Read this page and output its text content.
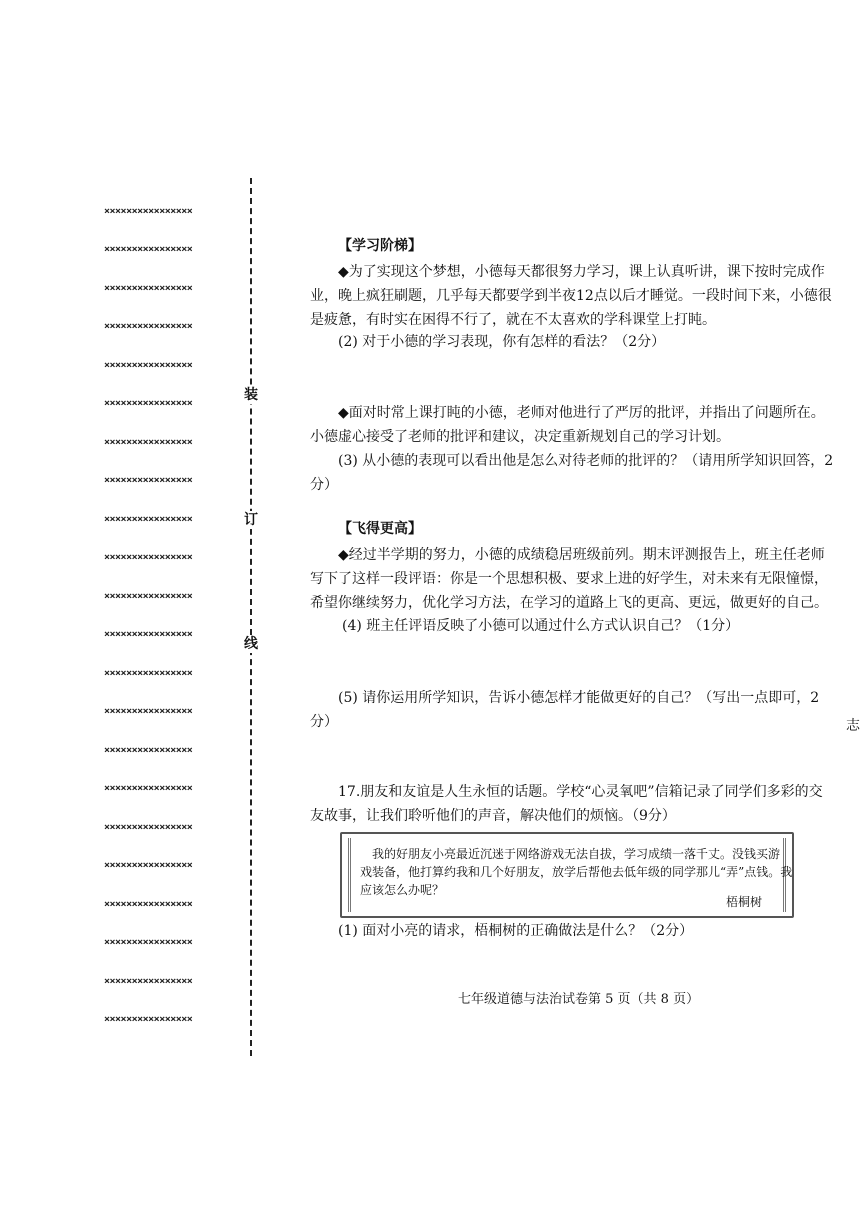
××××××××××××××××
××××××××××××××××
××××××××××××××××
××××××××××××××××
××××××××××××××××
××××××××××××××××
××××××××××××××××
××××××××××××××××
××××××××××××××××
××××××××××××××××
××××××××××××××××
××××××××××××××××
××××××××××××××××
××××××××××××××××
××××××××××××××××
××××××××××××××××
××××××××××××××××
××××××××××××××××
××××××××××××××××
××××××××××××××××
××××××××××××××××
××××××××××××××××
装
订
线
【学习阶梯】
◆为了实现这个梦想，小德每天都很努力学习，课上认真听讲，课下按时完成作
业，晚上疯狂刷题，几乎每天都要学到半夜12点以后才睡觉。一段时间下来，小德很
是疲惫，有时实在困得不行了，就在不太喜欢的学科课堂上打盹。
(2) 对于小德的学习表现，你有怎样的看法？（2分）
◆面对时常上课打盹的小德，老师对他进行了严厉的批评，并指出了问题所在。
小德虚心接受了老师的批评和建议，决定重新规划自己的学习计划。
(3) 从小德的表现可以看出他是怎么对待老师的批评的？（请用所学知识回答，2
分）
【飞得更高】
◆经过半学期的努力，小德的成绩稳居班级前列。期末评测报告上，班主任老师
写下了这样一段评语：你是一个思想积极、要求上进的好学生，对未来有无限憧憬，
希望你继续努力，优化学习方法，在学习的道路上飞的更高、更远，做更好的自己。
(4) 班主任评语反映了小德可以通过什么方式认识自己？（1分）
(5) 请你运用所学知识，告诉小德怎样才能做更好的自己？（写出一点即可，2
分）	志
17.朋友和友谊是人生永恒的话题。学校“心灵氧吧”信箱记录了同学们多彩的交
友故事，让我们聆听他们的声音，解决他们的烦恼。（9分）
我的好朋友小亮最近沉迷于网络游戏无法自拔，学习成绩一落千丈。没钱买游
戏装备，他打算约我和几个好朋友，放学后帮他去低年级的同学那儿“弄”点钱。我
应该怎么办呢？
梧桐树
(1) 面对小亮的请求，梧桐树的正确做法是什么？（2分）
七年级道德与法治试卷第 5 页（共 8 页）
